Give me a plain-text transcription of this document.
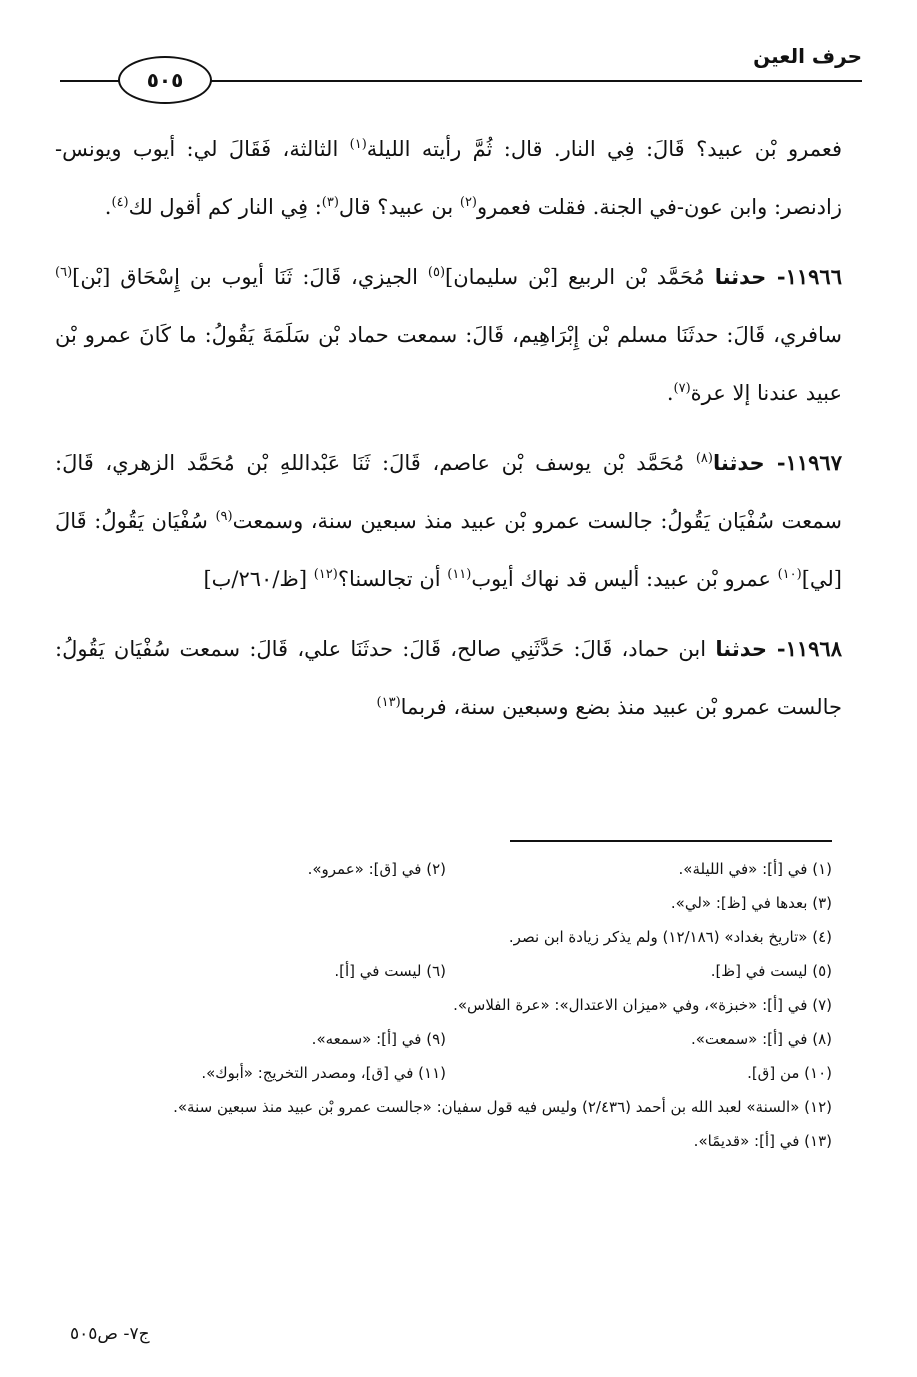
حرف العين
٥٠٥

فعمرو بْن عبيد؟ قَالَ: فِي النار. قال: ثُمَّ رأيته الليلة$^{(١)}$ الثالثة، فَقَالَ لي: أيوب ويونس-زادنصر: وابن عون-في الجنة. فقلت فعمرو$^{(٢)}$ بن عبيد؟ قال$^{(٣)}$: فِي النار كم أقول لك$^{(٤)}$.

١١٩٦٦- حدثنا مُحَمَّد بْن الربيع [بْن سليمان]$^{(٥)}$ الجيزي، قَالَ: ثَنَا أيوب بن إِسْحَاق [بْن]$^{(٦)}$ سافري، قَالَ: حدثَنَا مسلم بْن إِبْرَاهِيم، قَالَ: سمعت حماد بْن سَلَمَةَ يَقُولُ: ما كَانَ عمرو بْن عبيد عندنا إلا عرة$^{(٧)}$.

١١٩٦٧- حدثنا$^{(٨)}$ مُحَمَّد بْن يوسف بْن عاصم، قَالَ: ثَنَا عَبْداللهِ بْن مُحَمَّد الزهري، قَالَ: سمعت سُفْيَان يَقُولُ: جالست عمرو بْن عبيد منذ سبعين سنة، وسمعت$^{(٩)}$ سُفْيَان يَقُولُ: قَالَ [لي]$^{(١٠)}$ عمرو بْن عبيد: أليس قد نهاك أيوب$^{(١١)}$ أن تجالسنا؟$^{(١٢)}$ [ظ/٢٦٠/ب]

١١٩٦٨- حدثنا ابن حماد، قَالَ: حَدَّثَنِي صالح، قَالَ: حدثَنَا علي، قَالَ: سمعت سُفْيَان يَقُولُ: جالست عمرو بْن عبيد منذ بضع وسبعين سنة، فربما$^{(١٣)}$

(١) في [أ]: «في الليلة».
(٢) في [ق]: «عمرو».
(٣) بعدها في [ظ]: «لي».
(٤) «تاريخ بغداد» (١٢/١٨٦) ولم يذكر زيادة ابن نصر.
(٥) ليست في [ظ].
(٦) ليست في [أ].
(٧) في [أ]: «خبزة»، وفي «ميزان الاعتدال»: «عرة الفلاس».
(٨) في [أ]: «سمعت».
(٩) في [أ]: «سمعه».
(١٠) من [ق].
(١١) في [ق]، ومصدر التخريج: «أبوك».
(١٢) «السنة» لعبد الله بن أحمد (٢/٤٣٦) وليس فيه قول سفيان: «جالست عمرو بْن عبيد منذ سبعين سنة».
(١٣) في [أ]: «قديمًا».
ج٧- ص٥٠٥
